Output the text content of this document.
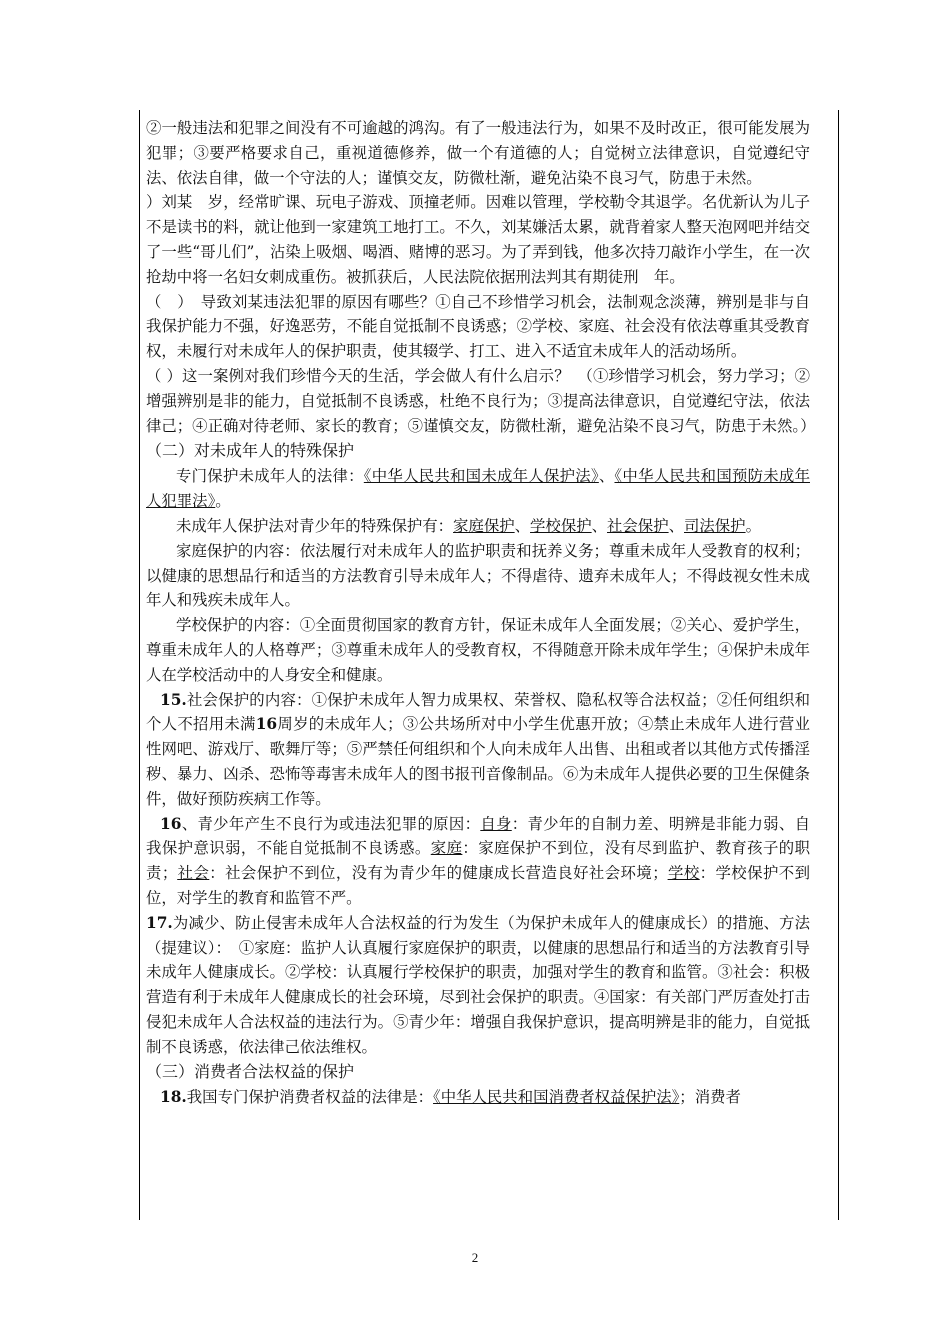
②一般违法和犯罪之间没有不可逾越的鸿沟。有了一般违法行为，如果不及时改正，很可能发展为犯罪；③要严格要求自己，重视道德修养，做一个有道德的人；自觉树立法律意识，自觉遵纪守法、依法自律，做一个守法的人；谨慎交友，防微杜渐，避免沾染不良习气，防患于未然。

）刘某　岁，经常旷课、玩电子游戏、顶撞老师。因难以管理，学校勒令其退学。名优新认为儿子不是读书的料，就让他到一家建筑工地打工。不久，刘某嫌活太累，就背着家人整天泡网吧并结交了一些“哥儿们”，沾染上吸烟、喝酒、赌博的恶习。为了弄到钱，他多次持刀敲诈小学生，在一次抢劫中将一名妇女刺成重伤。被抓获后，人民法院依据刑法判其有期徒刑　年。

（　）　导致刘某违法犯罪的原因有哪些？①自己不珍惜学习机会，法制观念淡薄，辨别是非与自我保护能力不强，好逸恶劳，不能自觉抵制不良诱惑；②学校、家庭、社会没有依法尊重其受教育权，未履行对未成年人的保护职责，使其辍学、打工、进入不适宜未成年人的活动场所。

（ ）这一案例对我们珍惜今天的生活，学会做人有什么启示？　（①珍惜学习机会，努力学习；②增强辨别是非的能力，自觉抵制不良诱惑，杜绝不良行为；③提高法律意识，自觉遵纪守法，依法律己；④正确对待老师、家长的教育；⑤谨慎交友，防微杜渐，避免沾染不良习气，防患于未然。）

（二）对未成年人的特殊保护

专门保护未成年人的法律：《中华人民共和国未成年人保护法》、《中华人民共和国预防未成年人犯罪法》。

未成年人保护法对青少年的特殊保护有：家庭保护、学校保护、社会保护、司法保护。

家庭保护的内容：依法履行对未成年人的监护职责和抚养义务；尊重未成年人受教育的权利；以健康的思想品行和适当的方法教育引导未成年人；不得虐待、遗弃未成年人；不得歧视女性未成年人和残疾未成年人。

学校保护的内容：①全面贯彻国家的教育方针，保证未成年人全面发展；②关心、爱护学生，尊重未成年人的人格尊严；③尊重未成年人的受教育权，不得随意开除未成年学生；④保护未成年人在学校活动中的人身安全和健康。

15.社会保护的内容：①保护未成年人智力成果权、荣誉权、隐私权等合法权益；②任何组织和个人不招用未满16周岁的未成年人；③公共场所对中小学生优惠开放；④禁止未成年人进行营业性网吧、游戏厅、歌舞厅等；⑤严禁任何组织和个人向未成年人出售、出租或者以其他方式传播淫秽、暴力、凶杀、恐怖等毒害未成年人的图书报刊音像制品。⑥为未成年人提供必要的卫生保健条件，做好预防疾病工作等。

16、青少年产生不良行为或违法犯罪的原因：自身：青少年的自制力差、明辨是非能力弱、自我保护意识弱，不能自觉抵制不良诱惑。家庭：家庭保护不到位，没有尽到监护、教育孩子的职责；社会：社会保护不到位，没有为青少年的健康成长营造良好社会环境；学校：学校保护不到位，对学生的教育和监管不严。

17.为减少、防止侵害未成年人合法权益的行为发生（为保护未成年人的健康成长）的措施、方法（提建议）：　①家庭：监护人认真履行家庭保护的职责，以健康的思想品行和适当的方法教育引导未成年人健康成长。②学校：认真履行学校保护的职责，加强对学生的教育和监管。③社会：积极营造有利于未成年人健康成长的社会环境，尽到社会保护的职责。④国家：有关部门严厉查处打击侵犯未成年人合法权益的违法行为。⑤青少年：增强自我保护意识，提高明辨是非的能力，自觉抵制不良诱惑，依法律己依法维权。

（三）消费者合法权益的保护

18.我国专门保护消费者权益的法律是：《中华人民共和国消费者权益保护法》；消费者

2
